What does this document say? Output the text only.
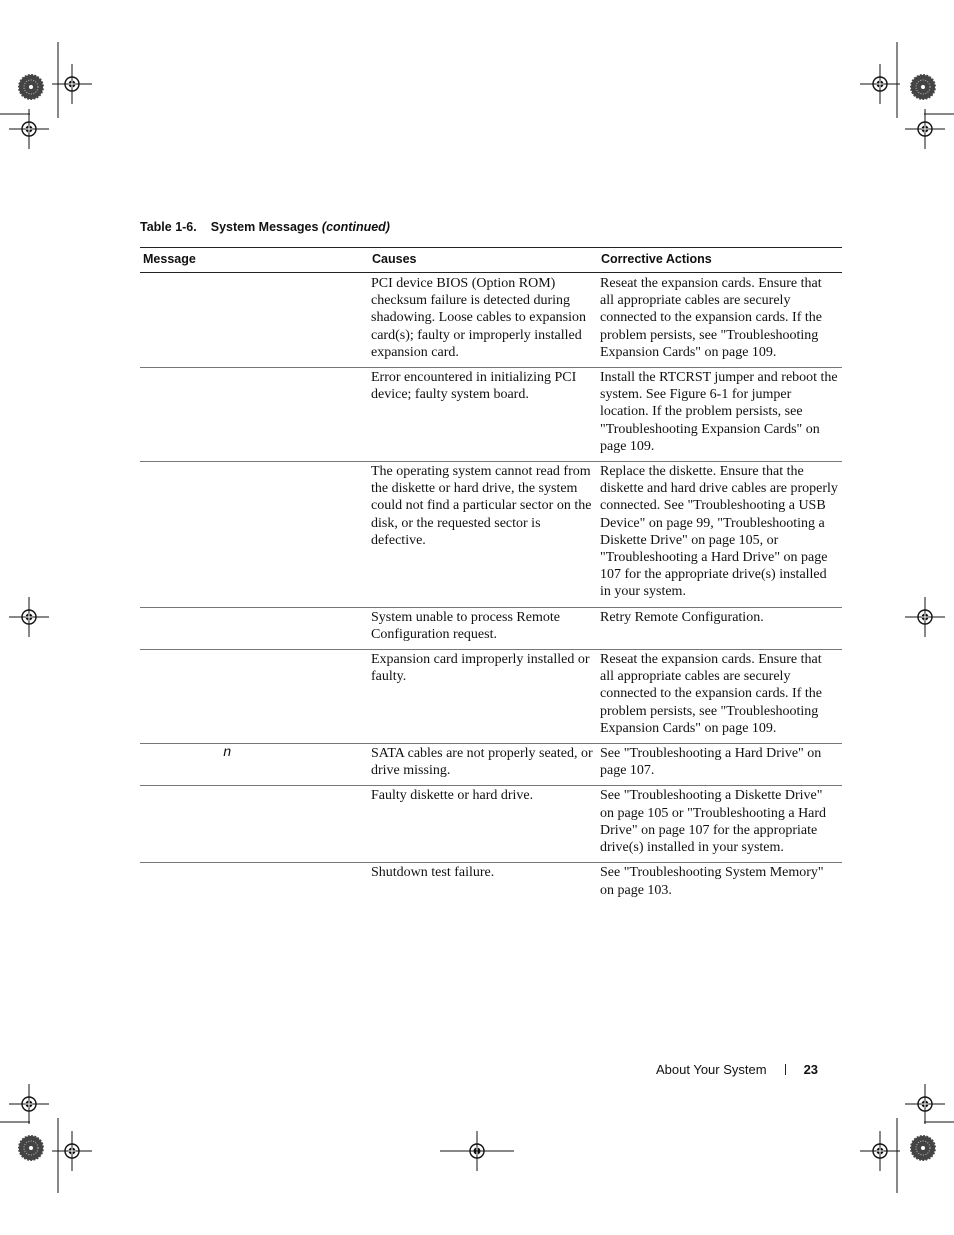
Table 1-6. System Messages (continued)
Message	Causes	Corrective Actions
	PCI device BIOS (Option ROM) checksum failure is detected during shadowing. Loose cables to expansion card(s); faulty or improperly installed expansion card.	Reseat the expansion cards. Ensure that all appropriate cables are securely connected to the expansion cards. If the problem persists, see "Troubleshooting Expansion Cards" on page 109.
	Error encountered in initializing PCI device; faulty system board.	Install the RTCRST jumper and reboot the system. See Figure 6-1 for jumper location. If the problem persists, see "Troubleshooting Expansion Cards" on page 109.
	The operating system cannot read from the diskette or hard drive, the system could not find a particular sector on the disk, or the requested sector is defective.	Replace the diskette. Ensure that the diskette and hard drive cables are properly connected. See "Troubleshooting a USB Device" on page 99, "Troubleshooting a Diskette Drive" on page 105, or "Troubleshooting a Hard Drive" on page 107 for the appropriate drive(s) installed in your system.
	System unable to process Remote Configuration request.	Retry Remote Configuration.
	Expansion card improperly installed or faulty.	Reseat the expansion cards. Ensure that all appropriate cables are securely connected to the expansion cards. If the problem persists, see "Troubleshooting Expansion Cards" on page 109.
n	SATA cables are not properly seated, or drive missing.	See "Troubleshooting a Hard Drive" on page 107.
	Faulty diskette or hard drive.	See "Troubleshooting a Diskette Drive" on page 105 or "Troubleshooting a Hard Drive" on page 107 for the appropriate drive(s) installed in your system.
	Shutdown test failure.	See "Troubleshooting System Memory" on page 103.
About Your System	23
